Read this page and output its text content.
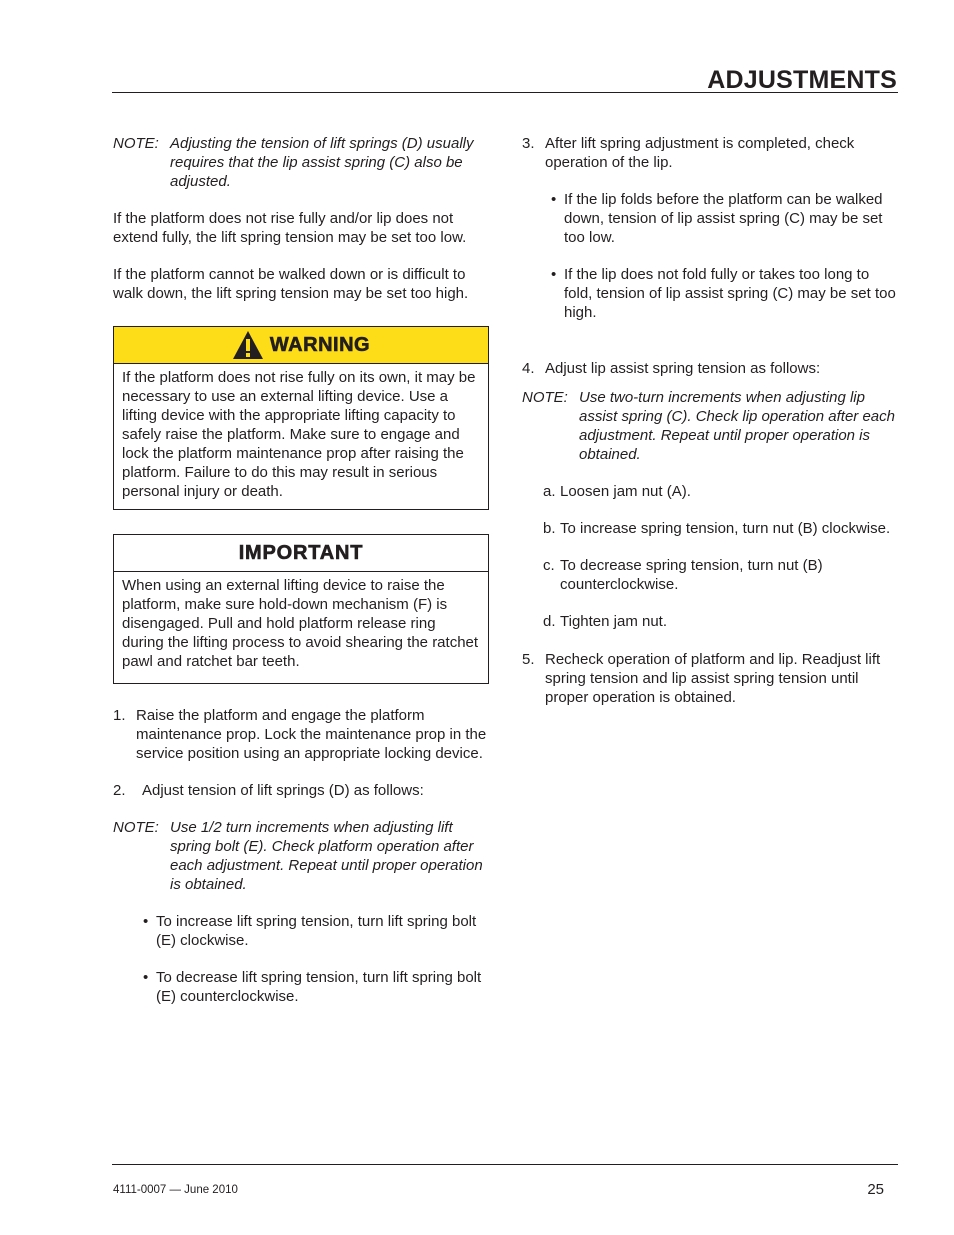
ADJUSTMENTS
NOTE: Adjusting the tension of lift springs (D) usually requires that the lip assist spring (C) also be adjusted.

If the platform does not rise fully and/or lip does not extend fully, the lift spring tension may be set too low.

If the platform cannot be walked down or is difficult to walk down, the lift spring tension may be set too high.

WARNING
If the platform does not rise fully on its own, it may be necessary to use an external lifting device. Use a lifting device with the appropriate lifting capacity to safely raise the platform. Make sure to engage and lock the platform maintenance prop after raising the platform. Failure to do this may result in serious personal injury or death.
IMPORTANT
When using an external lifting device to raise the platform, make sure hold-down mechanism (F) is disengaged. Pull and hold platform release ring during the lifting process to avoid shearing the ratchet pawl and ratchet bar teeth.
1. Raise the platform and engage the platform maintenance prop. Lock the maintenance prop in the service position using an appropriate locking device.
2.	Adjust tension of lift springs (D) as follows:
NOTE: Use 1/2 turn increments when adjusting lift spring bolt (E). Check platform operation after each adjustment. Repeat until proper operation is obtained.
• To increase lift spring tension, turn lift spring bolt (E) clockwise.
• To decrease lift spring tension, turn lift spring bolt (E) counterclockwise.
3. After lift spring adjustment is completed, check operation of the lip.
• If the lip folds before the platform can be walked down, tension of lip assist spring (C) may be set too low.
• If the lip does not fold fully or takes too long to fold, tension of lip assist spring (C) may be set too high.
4. Adjust lip assist spring tension as follows:
NOTE: Use two-turn increments when adjusting lip assist spring (C). Check lip operation after each adjustment. Repeat until proper operation is obtained.
a. Loosen jam nut (A).
b. To increase spring tension, turn nut (B) clockwise.
c. To decrease spring tension, turn nut (B) counterclockwise.
d. Tighten jam nut.
5. Recheck operation of platform and lip. Readjust lift spring tension and lip assist spring tension until proper operation is obtained.
4111-0007 — June 2010	25
